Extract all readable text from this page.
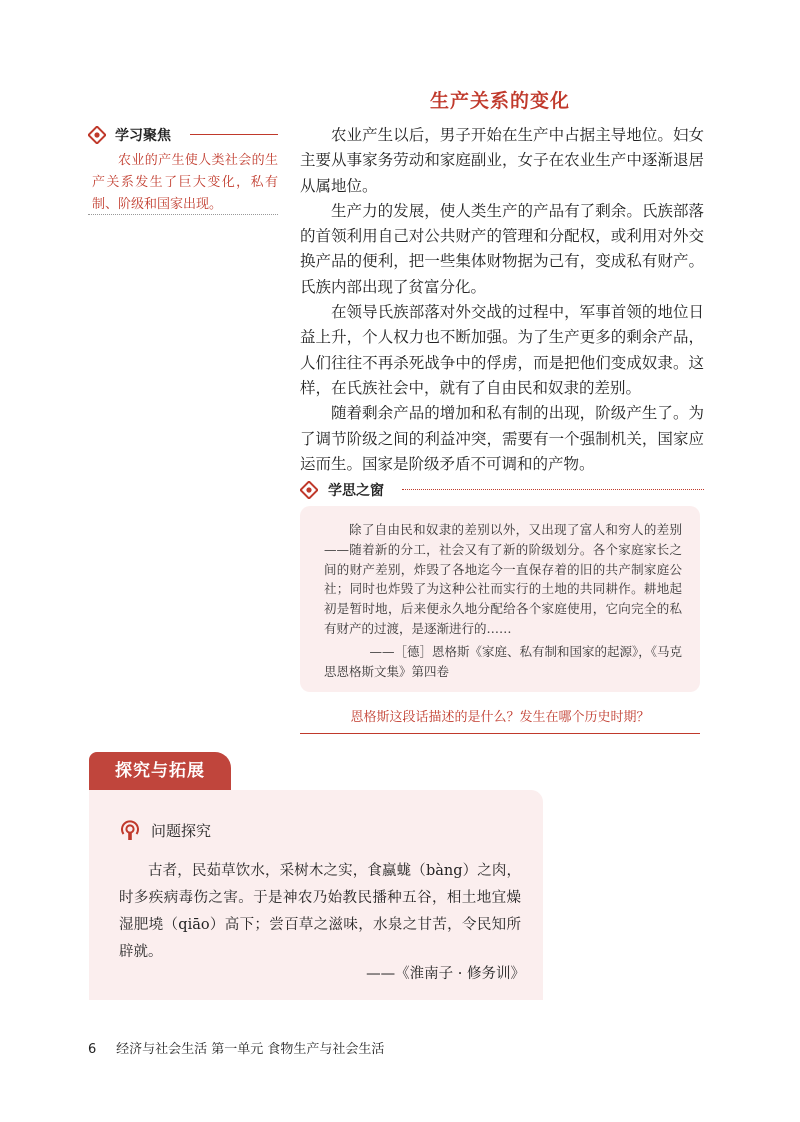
生产关系的变化
学习聚焦
农业的产生使人类社会的生产关系发生了巨大变化，私有制、阶级和国家出现。

农业产生以后，男子开始在生产中占据主导地位。妇女主要从事家务劳动和家庭副业，女子在农业生产中逐渐退居从属地位。

生产力的发展，使人类生产的产品有了剩余。氏族部落的首领利用自己对公共财产的管理和分配权，或利用对外交换产品的便利，把一些集体财物据为己有，变成私有财产。氏族内部出现了贫富分化。

在领导氏族部落对外交战的过程中，军事首领的地位日益上升，个人权力也不断加强。为了生产更多的剩余产品，人们往往不再杀死战争中的俘虏，而是把他们变成奴隶。这样，在氏族社会中，就有了自由民和奴隶的差别。

随着剩余产品的增加和私有制的出现，阶级产生了。为了调节阶级之间的利益冲突，需要有一个强制机关，国家应运而生。国家是阶级矛盾不可调和的产物。

学思之窗
除了自由民和奴隶的差别以外，又出现了富人和穷人的差别——随着新的分工，社会又有了新的阶级划分。各个家庭家长之间的财产差别，炸毁了各地迄今一直保存着的旧的共产制家庭公社；同时也炸毁了为这种公社而实行的土地的共同耕作。耕地起初是暂时地，后来便永久地分配给各个家庭使用，它向完全的私有财产的过渡，是逐渐进行的……
——［德］恩格斯《家庭、私有制和国家的起源》，《马克
思恩格斯文集》第四卷
恩格斯这段话描述的是什么？发生在哪个历史时期？
探究与拓展
问题探究
古者，民茹草饮水，采树木之实，食蠃蛖（bàng）之肉，时多疾病毒伤之害。于是神农乃始教民播种五谷，相土地宜燥湿肥墝（qiāo）高下；尝百草之滋味，水泉之甘苦，令民知所辟就。
——《淮南子 · 修务训》
6 经济与社会生活 第一单元 食物生产与社会生活
